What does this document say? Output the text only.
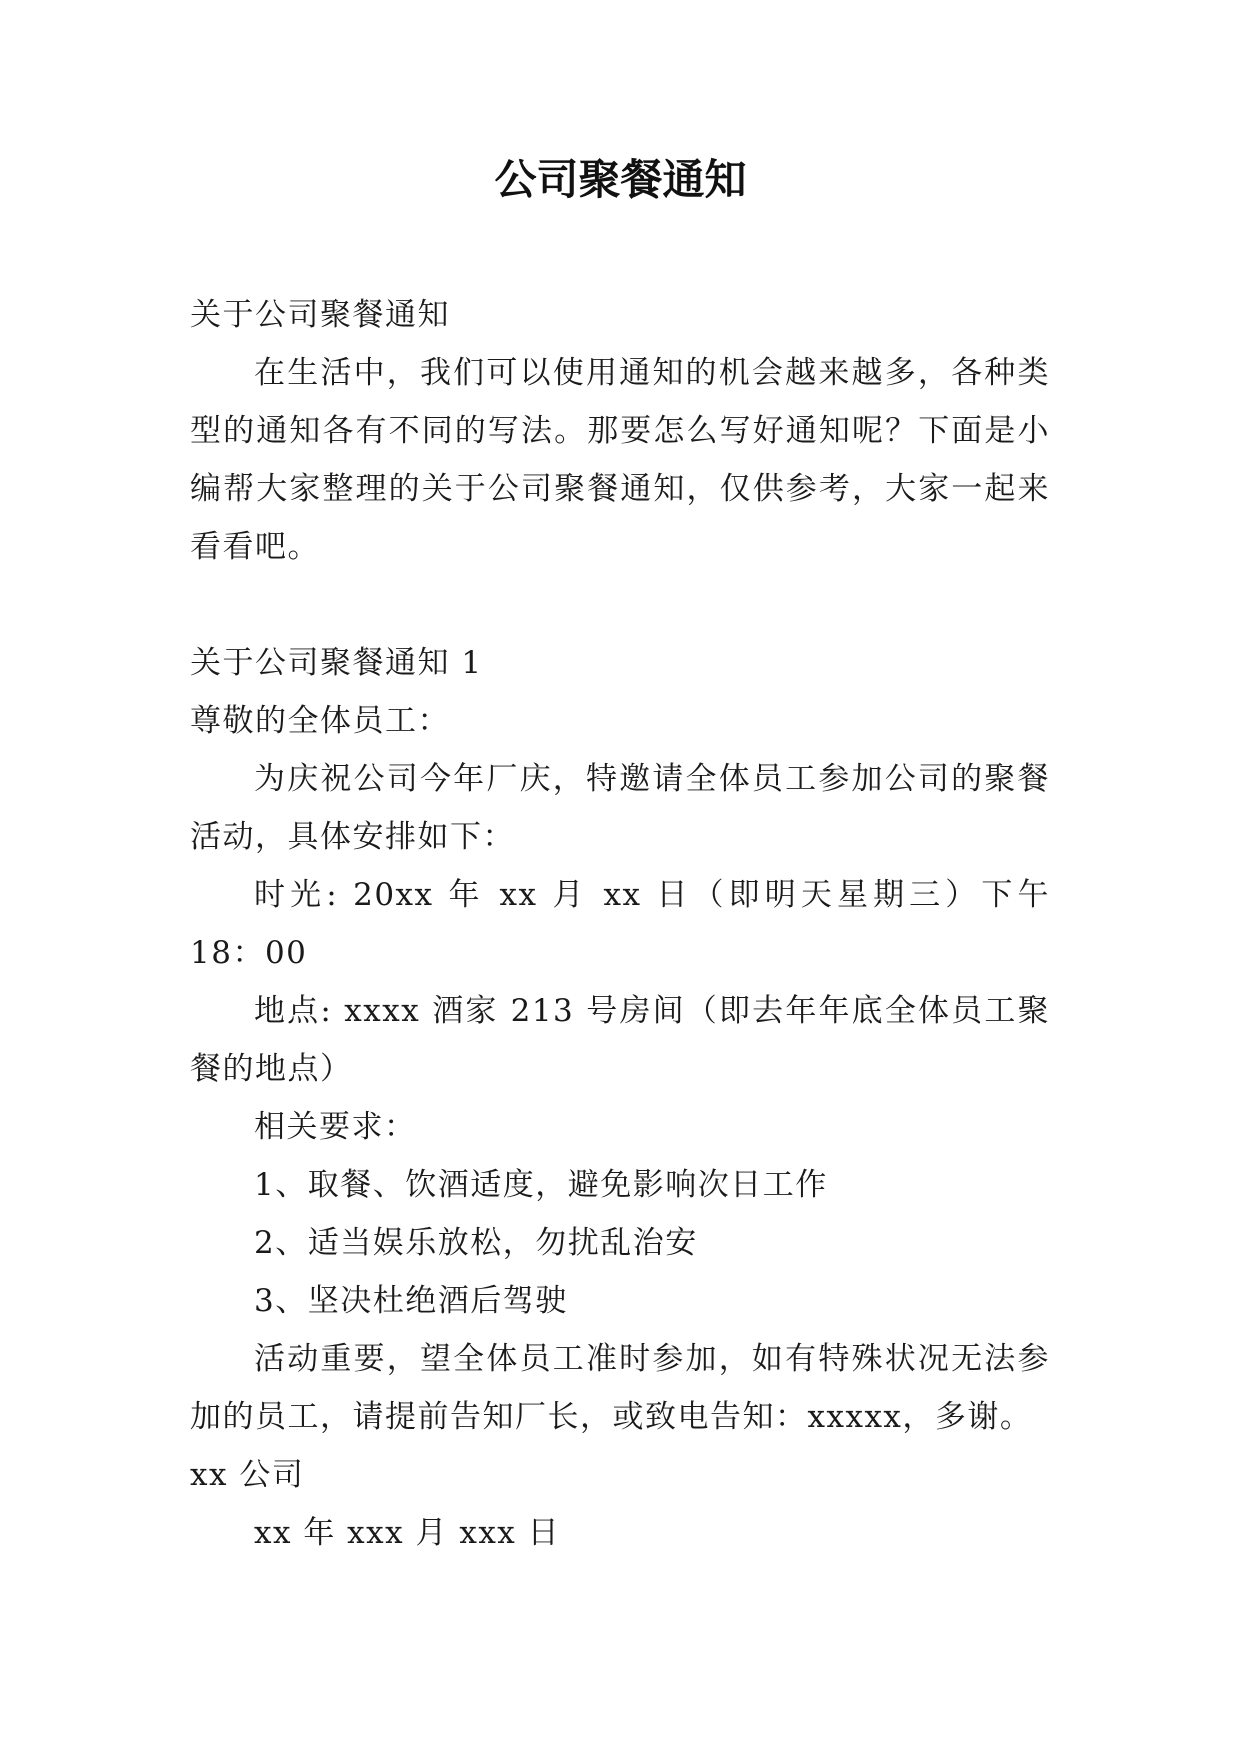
公司聚餐通知

关于公司聚餐通知

在生活中，我们可以使用通知的机会越来越多，各种类型的通知各有不同的写法。那要怎么写好通知呢？下面是小编帮大家整理的关于公司聚餐通知，仅供参考，大家一起来看看吧。

关于公司聚餐通知 1

尊敬的全体员工：

为庆祝公司今年厂庆，特邀请全体员工参加公司的聚餐活动，具体安排如下：

时光: 20xx 年 xx 月 xx 日（即明天星期三）下午 18：00

地点: xxxx 酒家 213 号房间（即去年年底全体员工聚餐的地点）

相关要求：

1、取餐、饮酒适度，避免影响次日工作

2、适当娱乐放松，勿扰乱治安

3、坚决杜绝酒后驾驶

活动重要，望全体员工准时参加，如有特殊状况无法参加的员工，请提前告知厂长，或致电告知：xxxxx，多谢。

xx 公司

xx 年 xxx 月 xxx 日
